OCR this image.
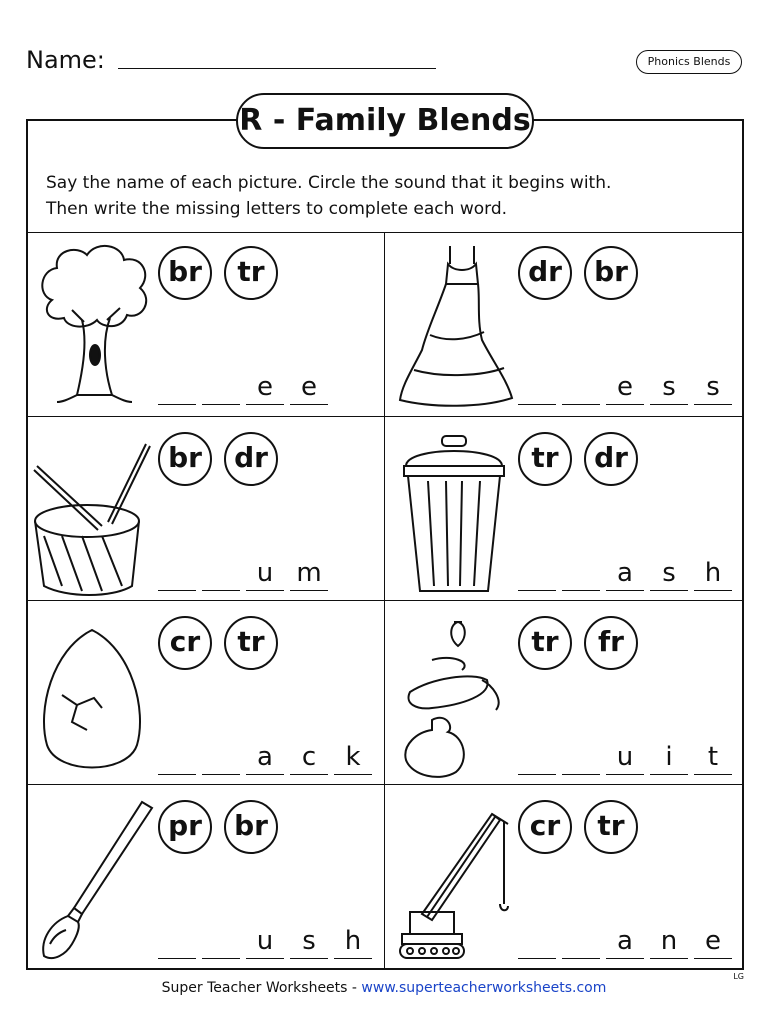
Name:	Phonics Blends
R - Family Blends
Say the name of each picture. Circle the sound that it begins with.
Then write the missing letters to complete each word.
br	tr
e	e
dr	br
e	s	s
br	dr
u m
tr	dr
a	s	h
cr	tr
a	c	k
tr	fr
u	i	t
pr	br
u	s	h
cr	tr
a	n	e
LG
Super Teacher Worksheets - www.superteacherworksheets.com
